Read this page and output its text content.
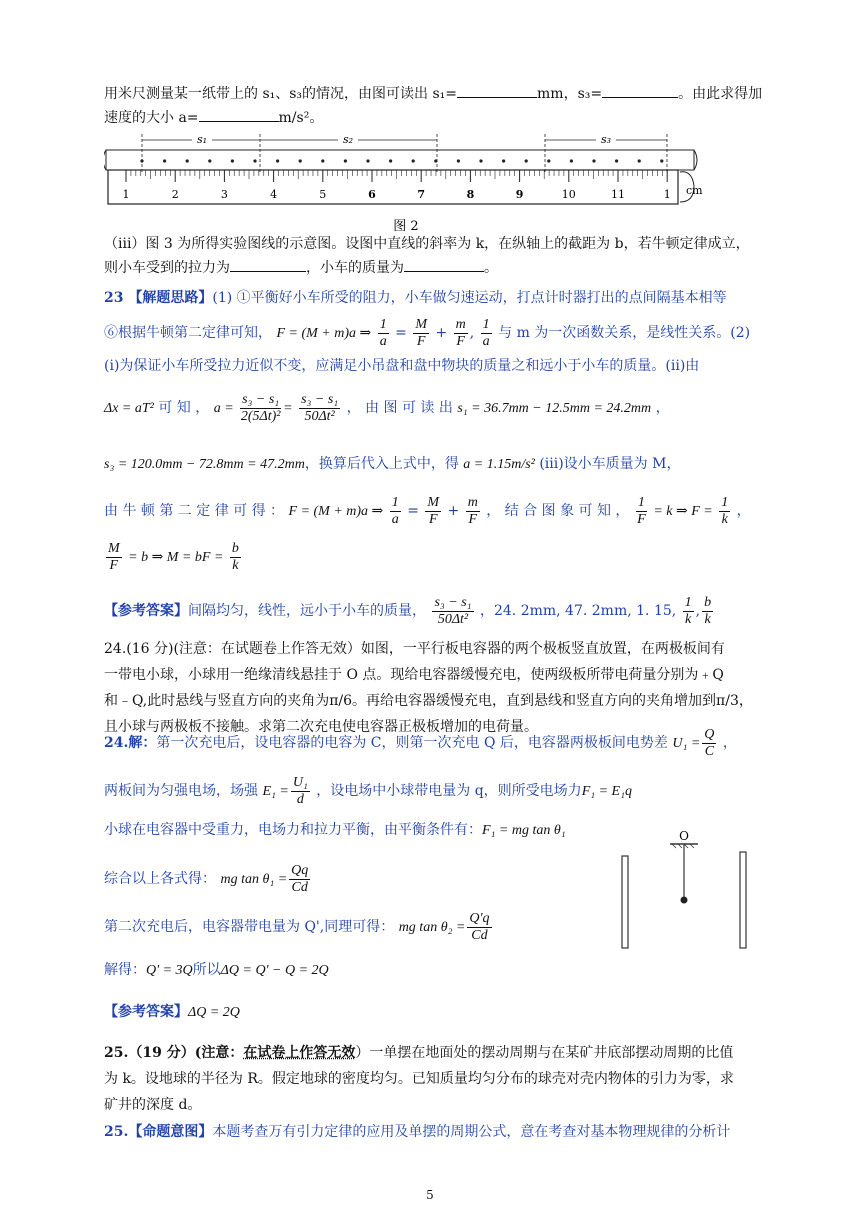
用米尺测量某一纸带上的 s₁、s₃的情况，由图可读出 s₁=	mm，s₃=	。由此求得加
速度的大小 a=	m/s²。
1	2	3	4	5	6	7	8	9	10	11	1
s₁	s₂	s₃
cm
图 2
（iii）图 3 为所得实验图线的示意图。设图中直线的斜率为 k，在纵轴上的截距为 b，若牛顿定律成立，
则小车受到的拉力为	，小车的质量为	。
23 【解题思路】(1) ①平衡好小车所受的阻力，小车做匀速运动，打点计时器打出的点间隔基本相等
⑥根据牛顿第二定律可知， F = (M + m)a ⇒ $\frac{1}{a} = \frac{M}{F} + \frac{m}{F}$ , $\frac{1}{a}$ 与 m 为一次函数关系，是线性关系。(2)
(i)为保证小车所受拉力近似不变，应满足小吊盘和盘中物块的质量之和远小于小车的质量。(ii)由
Δx = aT² 可 知 ， $a = \frac{\text{s₃ − s₁}}{\text{2(5Δt)²}} = \frac{\text{s₃ − s₁}}{\text{50Δt²}}$ ， 由 图 可 读 出 s₁ = 36.7mm − 12.5mm = 24.2mm ，
s₃ = 120.0mm − 72.8mm = 47.2mm，换算后代入上式中，得 a = 1.15m/s² (iii)设小车质量为 M，
由 牛 顿 第 二 定 律 可 得 ： F = (M + m)a ⇒ $\frac{1}{a} = \frac{M}{F} + \frac{m}{F}$ ， 结 合 图 象 可 知 ， $\frac{1}{F} = k$ ⇒ $F = \frac{1}{k}$ ，
$\frac{M}{F} = b$ ⇒ M = bF = $\frac{b}{k}$
【参考答案】间隔均匀，线性，远小于小车的质量， $\frac{\text{s₃ − s₁}}{\text{50Δt²}}$ ，24. 2mm, 47. 2mm, 1. 15, $\frac{1}{k}$ , $\frac{b}{k}$
24.(16 分)(注意：在试题卷上作答无效）如图，一平行板电容器的两个极板竖直放置，在两极板间有
一带电小球，小球用一绝缘清线悬挂于 O 点。现给电容器缓慢充电，使两级板所带电荷量分别为﹢Q
和﹣Q,此时悬线与竖直方向的夹角为π/6。再给电容器缓慢充电，直到悬线和竖直方向的夹角增加到π/3，
且小球与两极板不接触。求第二次充电使电容器正极板增加的电荷量。
24.解：第一次充电后，设电容器的电容为 C，则第一次充电 Q 后，电容器两极板间电势差 $U_1 = \frac{Q}{C}$ ，
两板间为匀强电场，场强 $E_1 = \frac{\text{U₁}}{d}$ ，设电场中小球带电量为 q，则所受电场力F₁ = E₁q
小球在电容器中受重力，电场力和拉力平衡，由平衡条件有：F₁ = mg tan θ₁
综合以上各式得： mg $\tan \theta_1 = \frac{Qq}{Cd}$
第二次充电后，电容器带电量为 Q',同理可得： mg $\tan \theta_2 = \frac{Q'q}{Cd}$
解得：Q' = 3Q所以ΔQ = Q' − Q = 2Q
【参考答案】ΔQ = 2Q
O
25.（19 分）(注意：在试卷上作答无效）一单摆在地面处的摆动周期与在某矿井底部摆动周期的比值
为 k。设地球的半径为 R。假定地球的密度均匀。已知质量均匀分布的球壳对壳内物体的引力为零，求
矿井的深度 d。
25.【命题意图】本题考查万有引力定律的应用及单摆的周期公式，意在考查对基本物理规律的分析计
5
